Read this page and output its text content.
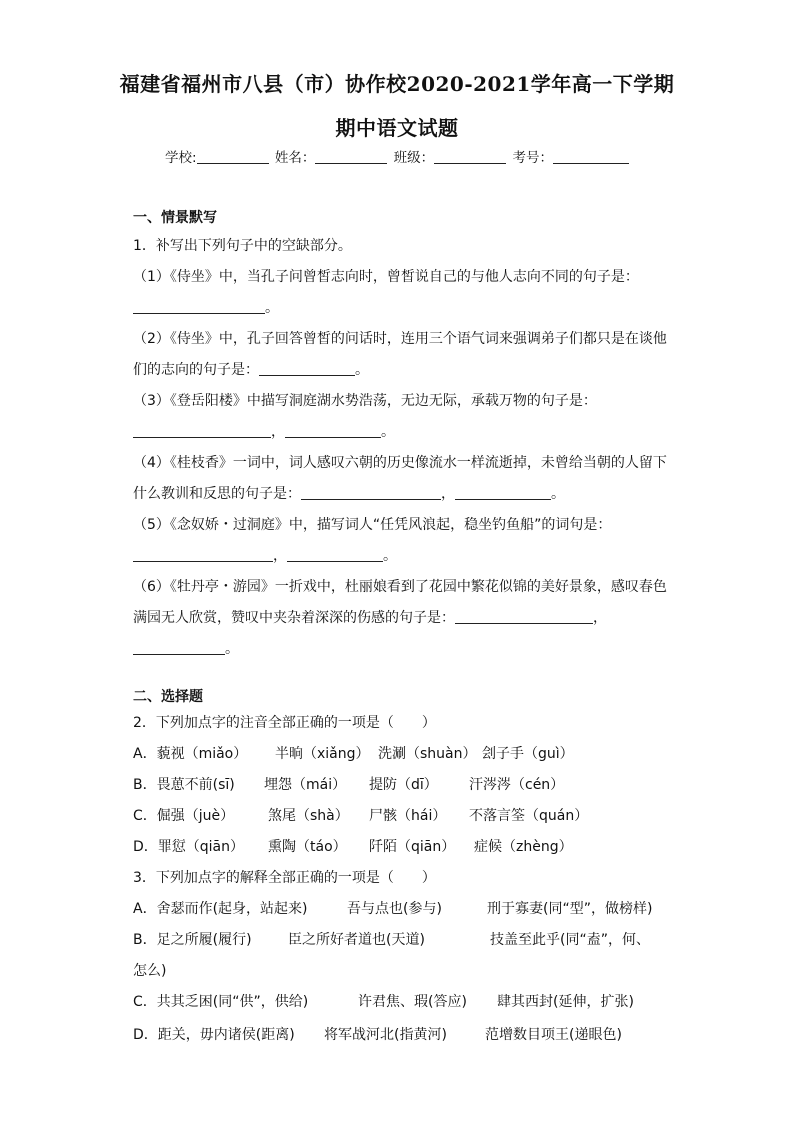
福建省福州市八县（市）协作校2020-2021学年高一下学期
期中语文试题
学校:	姓名：	班级：	考号：
一、情景默写
1．补写出下列句子中的空缺部分。
（1）《侍坐》中，当孔子问曾皙志向时，曾皙说自己的与他人志向不同的句子是：
。
（2）《侍坐》中，孔子回答曾皙的问话时，连用三个语气词来强调弟子们都只是在谈他
们的志向的句子是：	。
（3）《登岳阳楼》中描写洞庭湖水势浩荡，无边无际，承载万物的句子是：
，	。
（4）《桂枝香》一词中，词人感叹六朝的历史像流水一样流逝掉，未曾给当朝的人留下
什么教训和反思的句子是：	，	。
（5）《念奴娇・过洞庭》中，描写词人“任凭风浪起，稳坐钓鱼船”的词句是：
，	。
（6）《牡丹亭・游园》一折戏中，杜丽娘看到了花园中繁花似锦的美好景象，感叹春色
满园无人欣赏，赞叹中夹杂着深深的伤感的句子是：	，
。
二、选择题
2．下列加点字的注音全部正确的一项是（　　）
A．藐视（miǎo） 半晌（xiǎng） 洗涮（shuàn） 刽子手（guì）
B．畏葸不前(sī) 埋怨（mái） 提防（dī） 汗涔涔（cén）
C．倔强（juè） 煞尾（shà） 尸骸（hái） 不落言筌（quán）
D．罪愆（qiān） 熏陶（táo） 阡陌（qiān） 症候（zhèng）
3．下列加点字的解释全部正确的一项是（　　）
A．舍瑟而作(起身，站起来)	吾与点也(参与)	刑于寡妻(同“型”，做榜样)
B．足之所履(履行)	臣之所好者道也(天道)	技盖至此乎(同“盍”，何、
怎么)
C．共其乏困(同“供”，供给)	许君焦、瑕(答应) 肆其西封(延伸，扩张)
D．距关，毋内诸侯(距离) 将军战河北(指黄河)	范增数目项王(递眼色)
